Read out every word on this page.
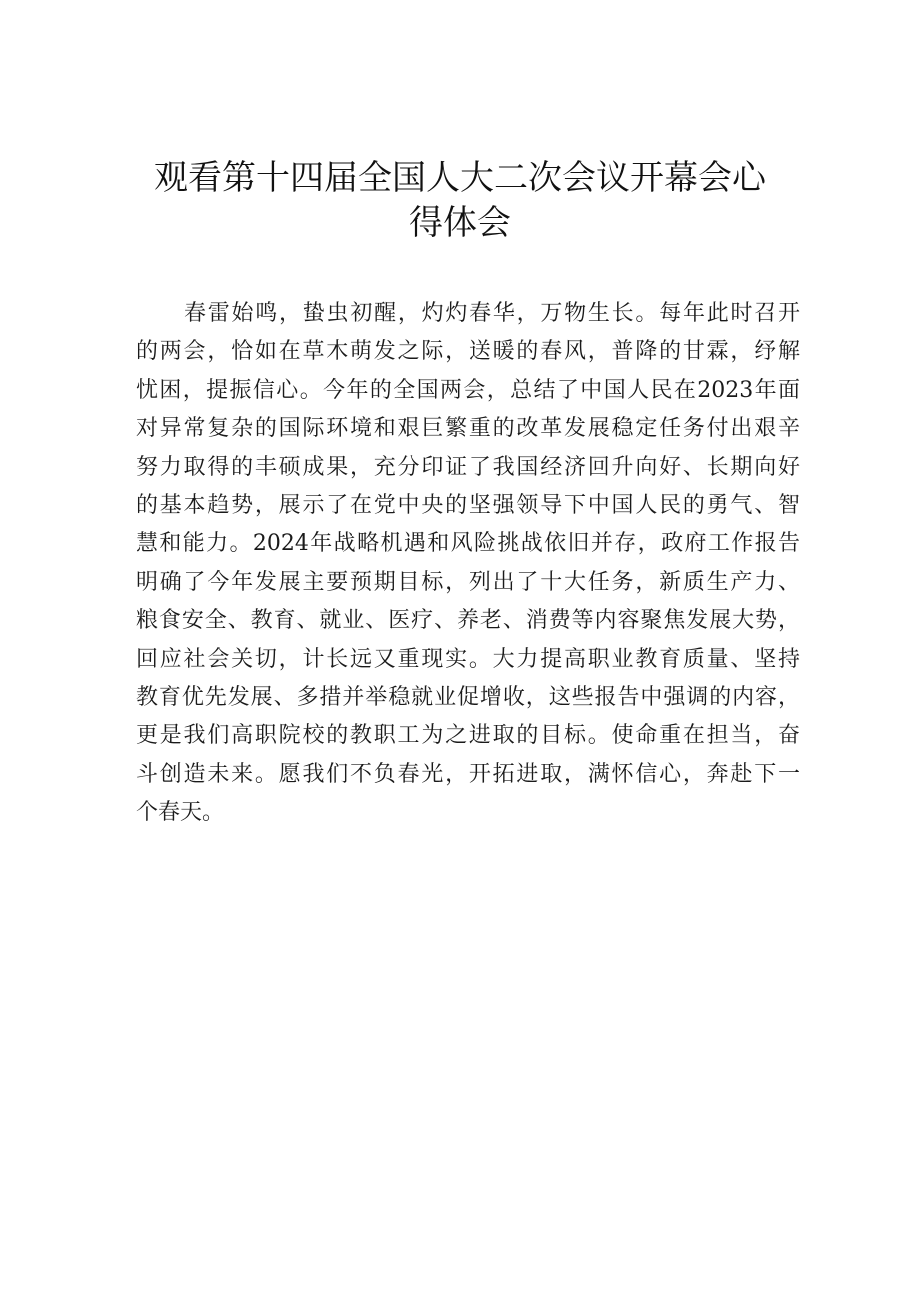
观看第十四届全国人大二次会议开幕会心
得体会
春雷始鸣，蛰虫初醒，灼灼春华，万物生长。每年此时召开
的两会，恰如在草木萌发之际，送暖的春风，普降的甘霖，纾解
忧困，提振信心。今年的全国两会，总结了中国人民在2023年面
对异常复杂的国际环境和艰巨繁重的改革发展稳定任务付出艰辛
努力取得的丰硕成果，充分印证了我国经济回升向好、长期向好
的基本趋势，展示了在党中央的坚强领导下中国人民的勇气、智
慧和能力。2024年战略机遇和风险挑战依旧并存，政府工作报告
明确了今年发展主要预期目标，列出了十大任务，新质生产力、
粮食安全、教育、就业、医疗、养老、消费等内容聚焦发展大势，
回应社会关切，计长远又重现实。大力提高职业教育质量、坚持
教育优先发展、多措并举稳就业促增收，这些报告中强调的内容，
更是我们高职院校的教职工为之进取的目标。使命重在担当，奋
斗创造未来。愿我们不负春光，开拓进取，满怀信心，奔赴下一
个春天。
